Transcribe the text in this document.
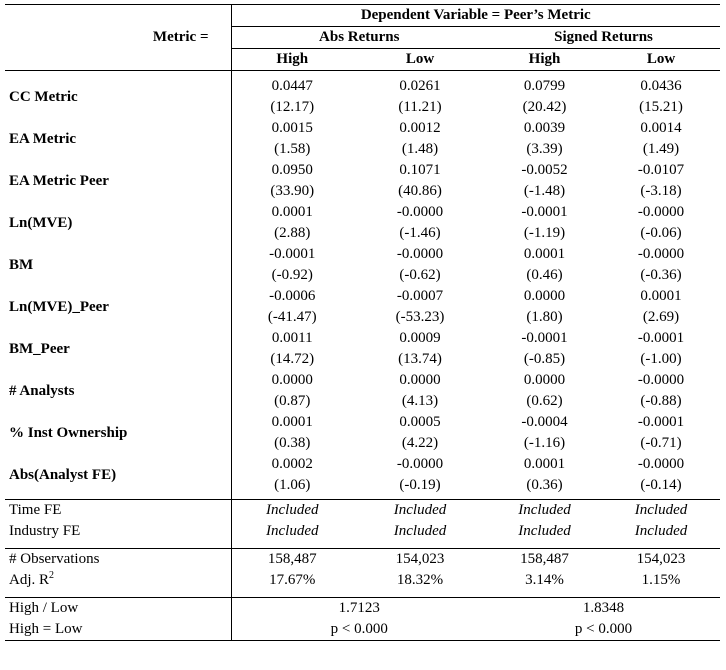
	Dependent Variable = Peer’s Metric			
Metric =	Abs Returns		Signed Returns	
	High	Low	High	Low

CC Metric	0.0447	0.0261	0.0799	0.0436
	(12.17)	(11.21)	(20.42)	(15.21)
EA Metric	0.0015	0.0012	0.0039	0.0014
	(1.58)	(1.48)	(3.39)	(1.49)
EA Metric Peer	0.0950	0.1071	-0.0052	-0.0107
	(33.90)	(40.86)	(-1.48)	(-3.18)
Ln(MVE)	0.0001	-0.0000	-0.0001	-0.0000
	(2.88)	(-1.46)	(-1.19)	(-0.06)
BM	-0.0001	-0.0000	0.0001	-0.0000
	(-0.92)	(-0.62)	(0.46)	(-0.36)
Ln(MVE)_Peer	-0.0006	-0.0007	0.0000	0.0001
	(-41.47)	(-53.23)	(1.80)	(2.69)
BM_Peer	0.0011	0.0009	-0.0001	-0.0001
	(14.72)	(13.74)	(-0.85)	(-1.00)
# Analysts	0.0000	0.0000	0.0000	-0.0000
	(0.87)	(4.13)	(0.62)	(-0.88)
% Inst Ownership	0.0001	0.0005	-0.0004	-0.0001
	(0.38)	(4.22)	(-1.16)	(-0.71)
Abs(Analyst FE)	0.0002	-0.0000	0.0001	-0.0000
	(1.06)	(-0.19)	(0.36)	(-0.14)

Time FE	Included	Included	Included	Included
Industry FE	Included	Included	Included	Included

# Observations	158,487	154,023	158,487	154,023
Adj. $R^2$	17.67%	18.32%	3.14%	1.15%

High / Low	1.7123		1.8348	
High = Low	p < 0.000		p < 0.000	
